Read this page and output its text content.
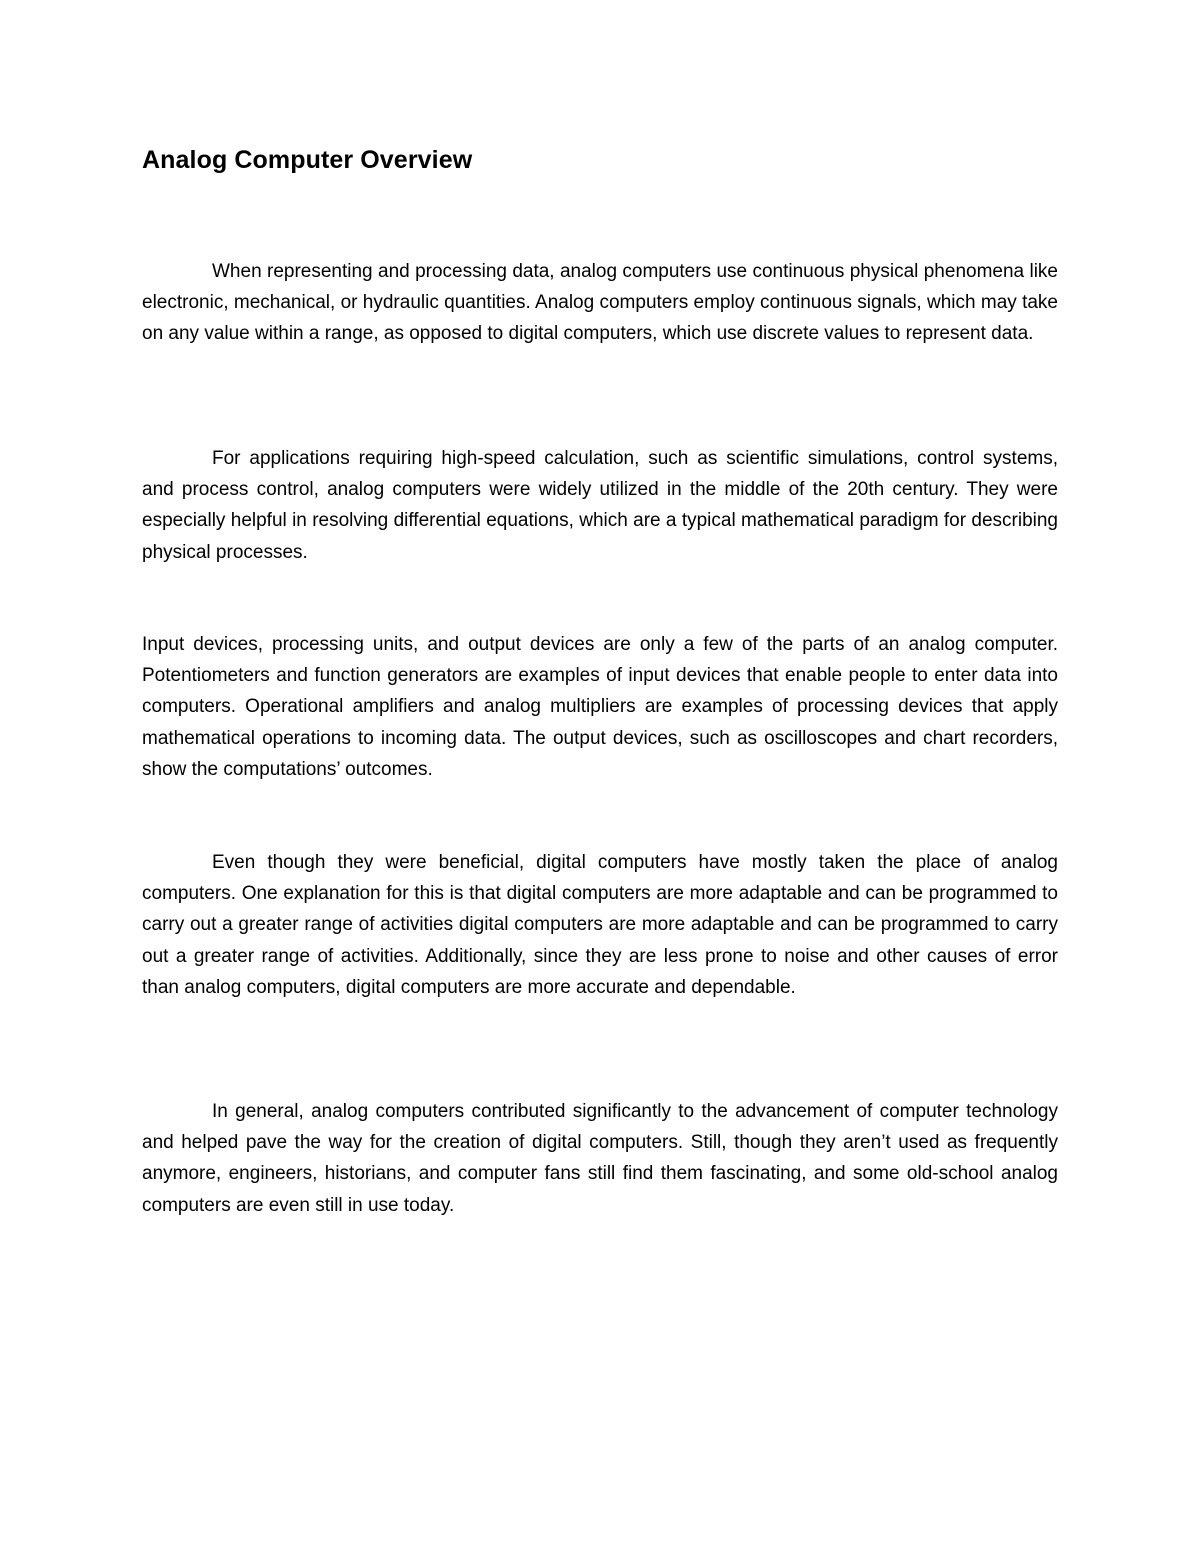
Analog Computer Overview

When representing and processing data, analog computers use continuous physical phenomena like electronic, mechanical, or hydraulic quantities. Analog computers employ continuous signals, which may take on any value within a range, as opposed to digital computers, which use discrete values to represent data.

For applications requiring high-speed calculation, such as scientific simulations, control systems, and process control, analog computers were widely utilized in the middle of the 20th century. They were especially helpful in resolving differential equations, which are a typical mathematical paradigm for describing physical processes.

Input devices, processing units, and output devices are only a few of the parts of an analog computer. Potentiometers and function generators are examples of input devices that enable people to enter data into computers. Operational amplifiers and analog multipliers are examples of processing devices that apply mathematical operations to incoming data. The output devices, such as oscilloscopes and chart recorders, show the computations’ outcomes.

Even though they were beneficial, digital computers have mostly taken the place of analog computers. One explanation for this is that digital computers are more adaptable and can be programmed to carry out a greater range of activities digital computers are more adaptable and can be programmed to carry out a greater range of activities. Additionally, since they are less prone to noise and other causes of error than analog computers, digital computers are more accurate and dependable.

In general, analog computers contributed significantly to the advancement of computer technology and helped pave the way for the creation of digital computers. Still, though they aren’t used as frequently anymore, engineers, historians, and computer fans still find them fascinating, and some old-school analog computers are even still in use today.
